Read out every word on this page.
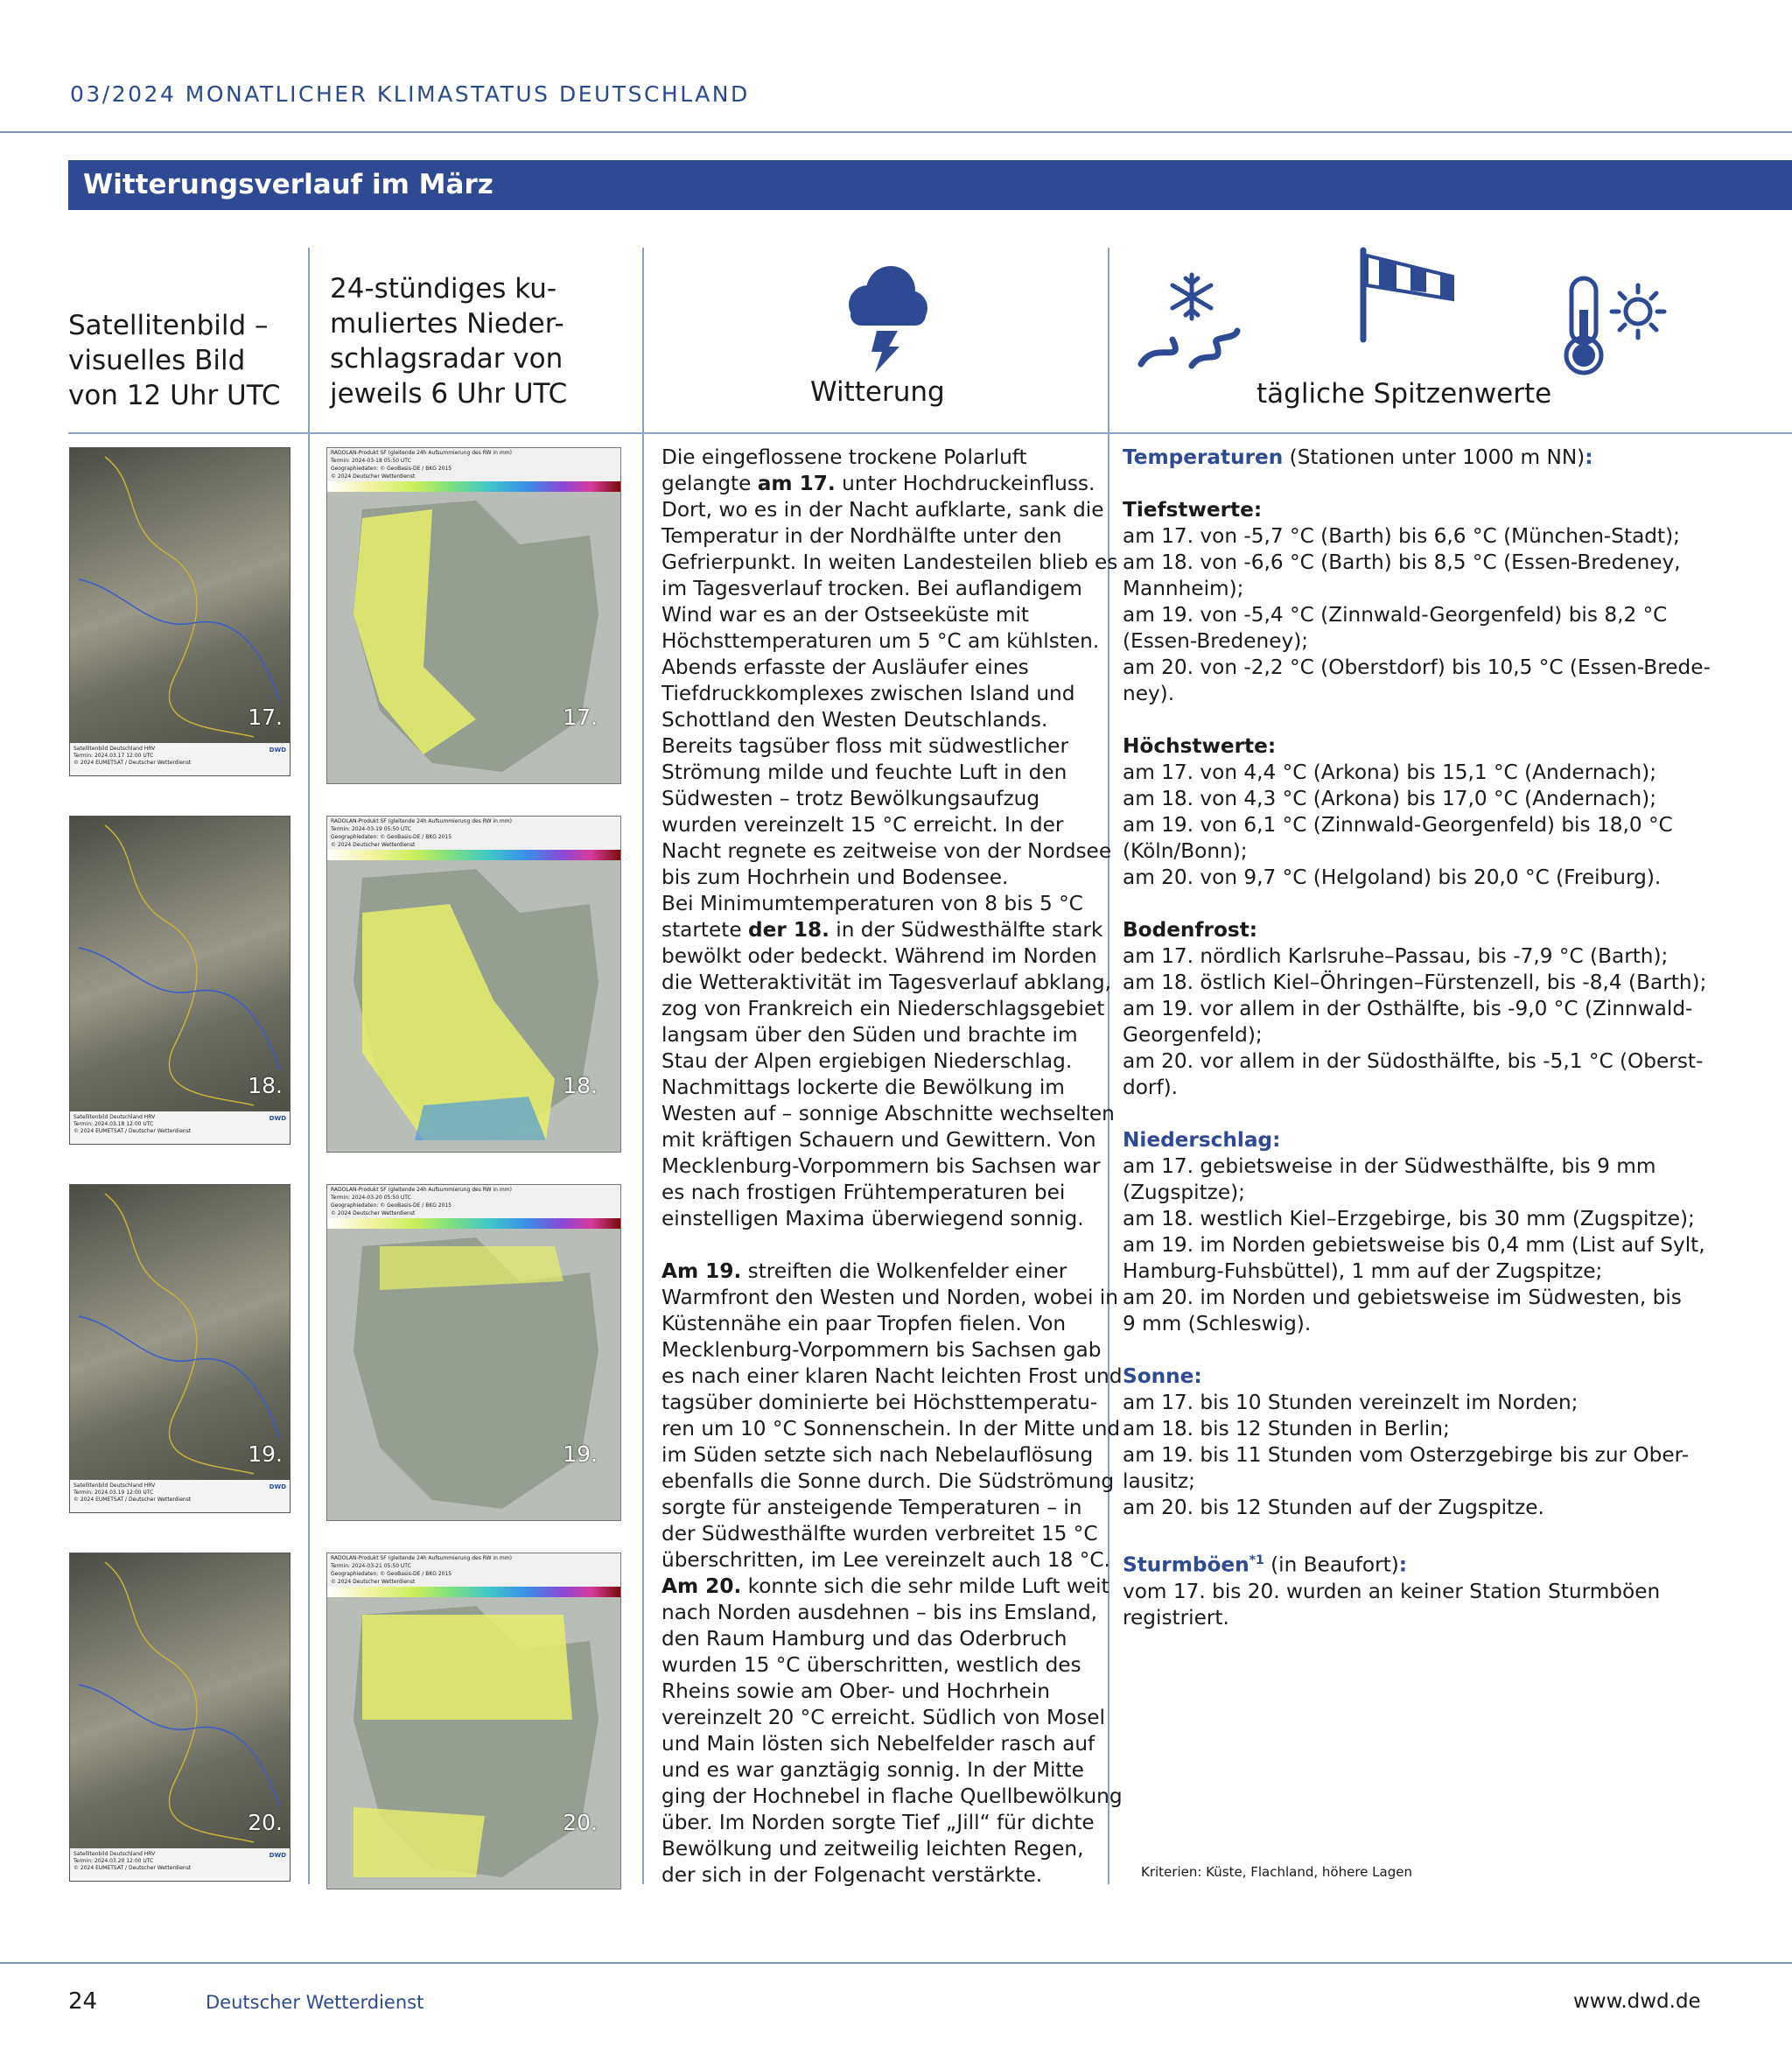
03/2024 MONATLICHER KLIMASTATUS DEUTSCHLAND
Witterungsverlauf im März
Satellitenbild –
visuelles Bild
von 12 Uhr UTC
24-stündiges ku-
muliertes Nieder-
schlagsradar von
jeweils 6 Uhr UTC	Witterung	tägliche Spitzenwerte
17.
Satellitenbild Deutschland HRV
Termin: 2024.03.17 12:00 UTC
© 2024 EUMETSAT / Deutscher Wetterdienst
DWD
18.
Satellitenbild Deutschland HRV
Termin: 2024.03.18 12:00 UTC
© 2024 EUMETSAT / Deutscher Wetterdienst
DWD
19.
Satellitenbild Deutschland HRV
Termin: 2024.03.19 12:00 UTC
© 2024 EUMETSAT / Deutscher Wetterdienst
DWD
20.
Satellitenbild Deutschland HRV
Termin: 2024.03.20 12:00 UTC
© 2024 EUMETSAT / Deutscher Wetterdienst
DWD
RADOLAN-Produkt SF (gleitende 24h Aufsummierung des RW in mm)
Termin: 2024-03-18 05:50 UTC
Geographiedaten: © GeoBasis-DE / BKG 2015
© 2024 Deutscher Wetterdienst
17.
RADOLAN-Produkt SF (gleitende 24h Aufsummierung des RW in mm)
Termin: 2024-03-19 05:50 UTC
Geographiedaten: © GeoBasis-DE / BKG 2015
© 2024 Deutscher Wetterdienst
18.
RADOLAN-Produkt SF (gleitende 24h Aufsummierung des RW in mm)
Termin: 2024-03-20 05:50 UTC
Geographiedaten: © GeoBasis-DE / BKG 2015
© 2024 Deutscher Wetterdienst
19.
RADOLAN-Produkt SF (gleitende 24h Aufsummierung des RW in mm)
Termin: 2024-03-21 05:50 UTC
Geographiedaten: © GeoBasis-DE / BKG 2015
© 2024 Deutscher Wetterdienst
20.

Die eingeflossene trockene Polarluft

gelangte am 17. unter Hochdruckeinfluss.

Dort, wo es in der Nacht aufklarte, sank die

Temperatur in der Nordhälfte unter den

Gefrierpunkt. In weiten Landesteilen blieb es

im Tagesverlauf trocken. Bei auflandigem

Wind war es an der Ostseeküste mit

Höchsttemperaturen um 5 °C am kühlsten.

Abends erfasste der Ausläufer eines

Tiefdruckkomplexes zwischen Island und

Schottland den Westen Deutschlands.

Bereits tagsüber floss mit südwestlicher

Strömung milde und feuchte Luft in den

Südwesten – trotz Bewölkungsaufzug

wurden vereinzelt 15 °C erreicht. In der

Nacht regnete es zeitweise von der Nordsee

bis zum Hochrhein und Bodensee.

Bei Minimumtemperaturen von 8 bis 5 °C

startete der 18. in der Südwesthälfte stark

bewölkt oder bedeckt. Während im Norden

die Wetteraktivität im Tagesverlauf abklang,

zog von Frankreich ein Niederschlagsgebiet

langsam über den Süden und brachte im

Stau der Alpen ergiebigen Niederschlag.

Nachmittags lockerte die Bewölkung im

Westen auf – sonnige Abschnitte wechselten

mit kräftigen Schauern und Gewittern. Von

Mecklenburg-Vorpommern bis Sachsen war

es nach frostigen Frühtemperaturen bei

einstelligen Maxima überwiegend sonnig.

Am 19. streiften die Wolkenfelder einer

Warmfront den Westen und Norden, wobei in

Küstennähe ein paar Tropfen fielen. Von

Mecklenburg-Vorpommern bis Sachsen gab

es nach einer klaren Nacht leichten Frost und

tagsüber dominierte bei Höchsttemperatu-

ren um 10 °C Sonnenschein. In der Mitte und

im Süden setzte sich nach Nebelauflösung

ebenfalls die Sonne durch. Die Südströmung

sorgte für ansteigende Temperaturen – in

der Südwesthälfte wurden verbreitet 15 °C

überschritten, im Lee vereinzelt auch 18 °C.

Am 20. konnte sich die sehr milde Luft weit

nach Norden ausdehnen – bis ins Emsland,

den Raum Hamburg und das Oderbruch

wurden 15 °C überschritten, westlich des

Rheins sowie am Ober- und Hochrhein

vereinzelt 20 °C erreicht. Südlich von Mosel

und Main lösten sich Nebelfelder rasch auf

und es war ganztägig sonnig. In der Mitte

ging der Hochnebel in flache Quellbewölkung

über. Im Norden sorgte Tief „Jill“ für dichte

Bewölkung und zeitweilig leichten Regen,

der sich in der Folgenacht verstärkte.

Temperaturen (Stationen unter 1000 m NN):

Tiefstwerte:

am 17. von -5,7 °C (Barth) bis 6,6 °C (München-Stadt);

am 18. von -6,6 °C (Barth) bis 8,5 °C (Essen-Bredeney,

Mannheim);

am 19. von -5,4 °C (Zinnwald-Georgenfeld) bis 8,2 °C

(Essen-Bredeney);

am 20. von -2,2 °C (Oberstdorf) bis 10,5 °C (Essen-Brede-

ney).

Höchstwerte:

am 17. von 4,4 °C (Arkona) bis 15,1 °C (Andernach);

am 18. von 4,3 °C (Arkona) bis 17,0 °C (Andernach);

am 19. von 6,1 °C (Zinnwald-Georgenfeld) bis 18,0 °C

(Köln/Bonn);

am 20. von 9,7 °C (Helgoland) bis 20,0 °C (Freiburg).

Bodenfrost:

am 17. nördlich Karlsruhe–Passau, bis -7,9 °C (Barth);

am 18. östlich Kiel–Öhringen–Fürstenzell, bis -8,4 (Barth);

am 19. vor allem in der Osthälfte, bis -9,0 °C (Zinnwald-

Georgenfeld);

am 20. vor allem in der Südosthälfte, bis -5,1 °C (Oberst-

dorf).

Niederschlag:

am 17. gebietsweise in der Südwesthälfte, bis 9 mm

(Zugspitze);

am 18. westlich Kiel–Erzgebirge, bis 30 mm (Zugspitze);

am 19. im Norden gebietsweise bis 0,4 mm (List auf Sylt,

Hamburg-Fuhsbüttel), 1 mm auf der Zugspitze;

am 20. im Norden und gebietsweise im Südwesten, bis

9 mm (Schleswig).

Sonne:

am 17. bis 10 Stunden vereinzelt im Norden;

am 18. bis 12 Stunden in Berlin;

am 19. bis 11 Stunden vom Osterzgebirge bis zur Ober-

lausitz;

am 20. bis 12 Stunden auf der Zugspitze.

Sturmböen$^{*1}$ (in Beaufort):

vom 17. bis 20. wurden an keiner Station Sturmböen

registriert.

Kriterien: Küste, Flachland, höhere Lagen
24	Deutscher Wetterdienst	www.dwd.de
